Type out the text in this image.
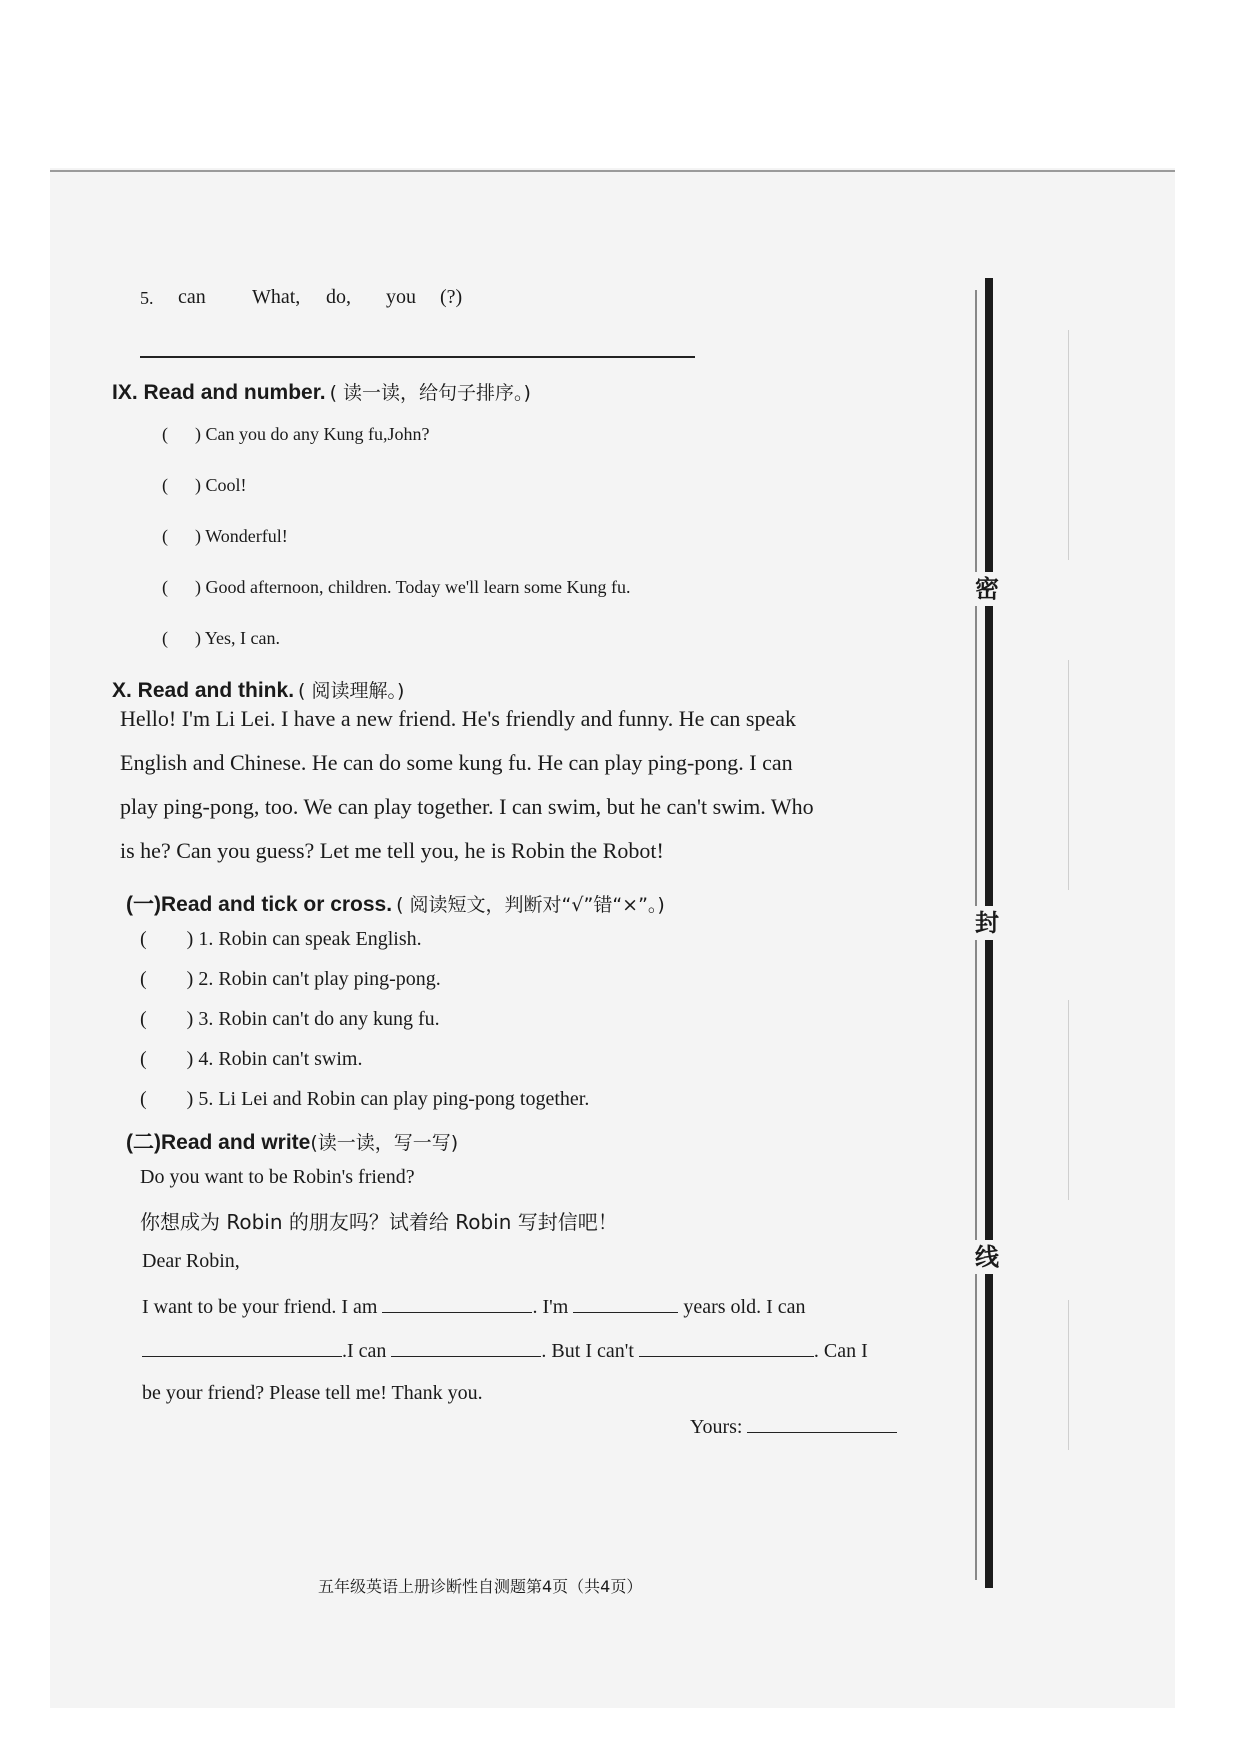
5. can What, do, you (?)
IX. Read and number. ( 读一读，给句子排序。)
(      ) Can you do any Kung fu,John?
(      ) Cool!
(      ) Wonderful!
(      ) Good afternoon, children. Today we'll learn some Kung fu.
(      ) Yes, I can.
X. Read and think. ( 阅读理解。)
Hello! I'm Li Lei. I have a new friend. He's friendly and funny. He can speak
English and Chinese. He can do some kung fu. He can play ping-pong. I can
play ping-pong, too. We can play together. I can swim, but he can't swim. Who
is he? Can you guess? Let me tell you, he is Robin the Robot!
(一)Read and tick or cross. ( 阅读短文，判断对“√”错“×”。)
(        ) 1. Robin can speak English.
(        ) 2. Robin can't play ping-pong.
(        ) 3. Robin can't do any kung fu.
(        ) 4. Robin can't swim.
(        ) 5. Li Lei and Robin can play ping-pong together.
(二)Read and write(读一读，写一写)
Do you want to be Robin's friend?
你想成为 Robin 的朋友吗？试着给 Robin 写封信吧！
Dear Robin,
I want to be your friend. I am	. I'm	years old. I can
.I can	. But I can't	. Can I
be your friend? Please tell me! Thank you.
Yours:
密
封
线
五年级英语上册诊断性自测题第4页（共4页）
